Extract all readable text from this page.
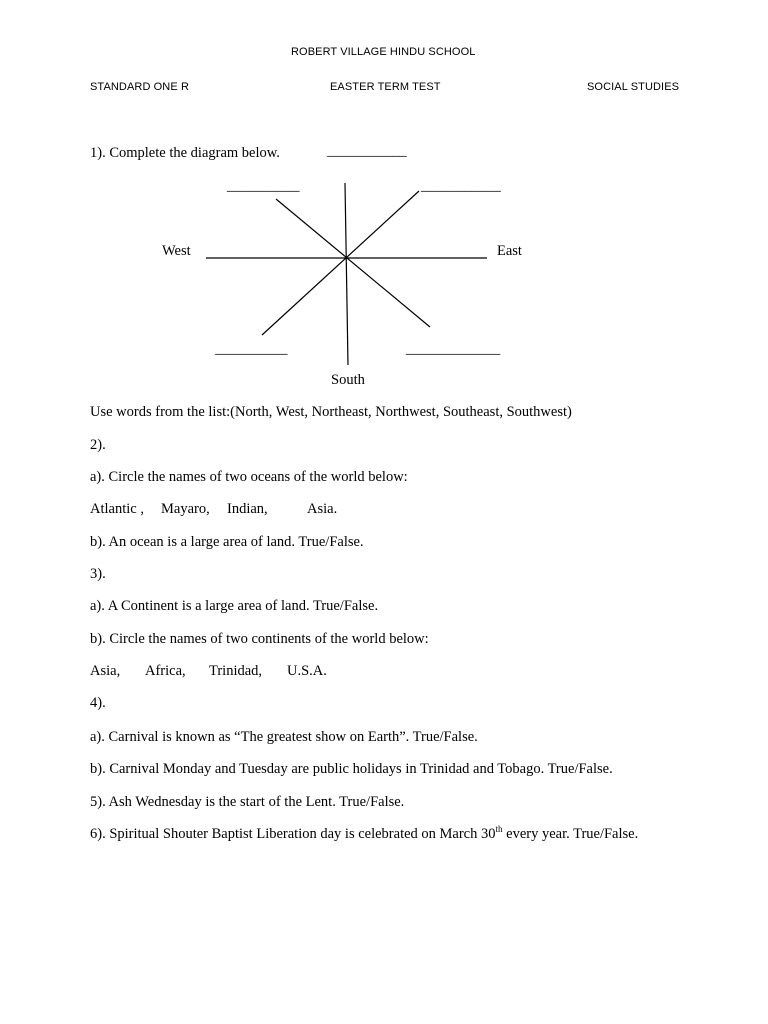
ROBERT VILLAGE HINDU SCHOOL
STANDARD ONE R	EASTER TERM TEST	SOCIAL STUDIES
1). Complete the diagram below.	___________
__________	___________
West	East
__________	_____________
South
Use words from the list:(North, West, Northeast, Northwest, Southeast, Southwest)
2).
a). Circle the names of two oceans of the world below:
Atlantic , Mayaro, Indian,	Asia.
b). An ocean is a large area of land. True/False.
3).
a). A Continent is a large area of land. True/False.
b). Circle the names of two continents of the world below:
Asia, Africa, Trinidad, U.S.A.
4).
a). Carnival is known as “The greatest show on Earth”. True/False.
b). Carnival Monday and Tuesday are public holidays in Trinidad and Tobago. True/False.
5). Ash Wednesday is the start of the Lent. True/False.
6). Spiritual Shouter Baptist Liberation day is celebrated on March 30th every year. True/False.
